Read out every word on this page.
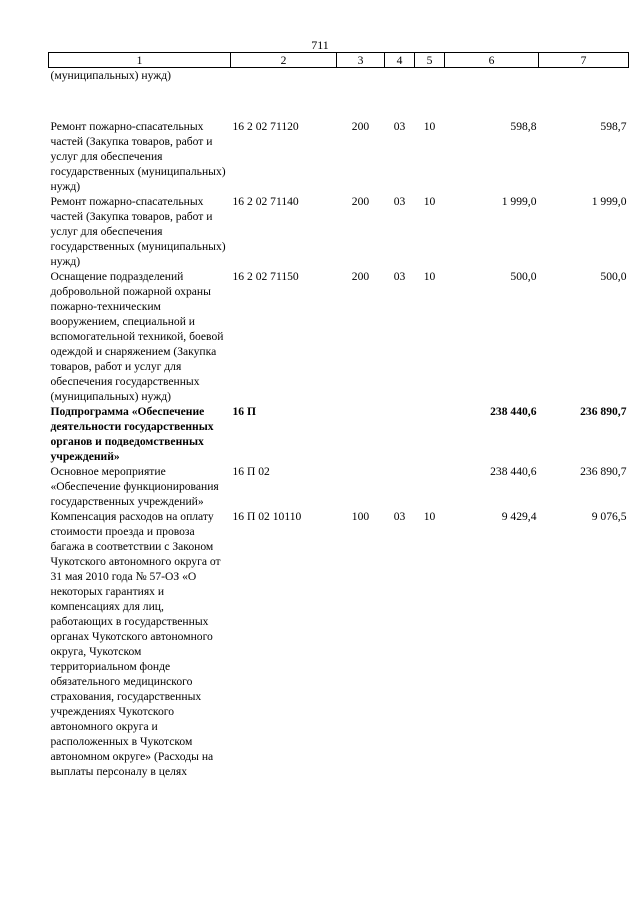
711
1	2	3	4	5	6	7
(муниципальных) нужд)						

Ремонт пожарно-спасательных частей (Закупка товаров, работ и услуг для обеспечения государственных (муниципальных) нужд)	16 2 02 71120	200	03	10	598,8	598,7
Ремонт пожарно-спасательных частей (Закупка товаров, работ и услуг для обеспечения государственных (муниципальных) нужд)	16 2 02 71140	200	03	10	1 999,0	1 999,0
Оснащение подразделений добровольной пожарной охраны пожарно-техническим вооружением, специальной и вспомогательной техникой, боевой одеждой и снаряжением (Закупка товаров, работ и услуг для обеспечения государственных (муниципальных) нужд)	16 2 02 71150	200	03	10	500,0	500,0
Подпрограмма «Обеспечение деятельности государственных органов и подведомственных учреждений»	16 П				238 440,6	236 890,7
Основное мероприятие «Обеспечение функционирования государственных учреждений»	16 П 02				238 440,6	236 890,7
Компенсация расходов на оплату стоимости проезда и провоза багажа в соответствии с Законом Чукотского автономного округа от 31 мая 2010 года № 57-ОЗ «О некоторых гарантиях и компенсациях для лиц, работающих в государственных органах Чукотского автономного округа, Чукотском территориальном фонде обязательного медицинского страхования, государственных учреждениях Чукотского автономного округа и расположенных в Чукотском автономном округе» (Расходы на выплаты персоналу в целях	16 П 02 10110	100	03	10	9 429,4	9 076,5
